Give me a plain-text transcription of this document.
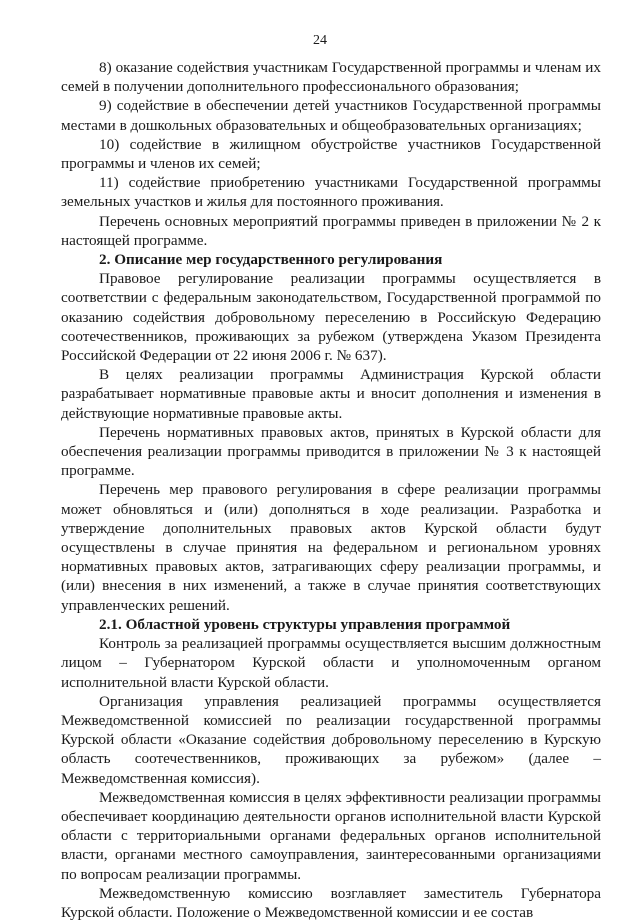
24

8) оказание содействия участникам Государственной программы и членам их семей в получении дополнительного профессионального образования;

9) содействие в обеспечении детей участников Государственной программы местами в дошкольных образовательных и общеобразовательных организациях;

10) содействие в жилищном обустройстве участников Государственной программы и членов их семей;

11) содействие приобретению участниками Государственной программы земельных участков и жилья для постоянного проживания.

Перечень основных мероприятий программы приведен в приложении № 2 к настоящей программе.

2. Описание мер государственного регулирования

Правовое регулирование реализации программы осуществляется в соответствии с федеральным законодательством, Государственной программой по оказанию содействия добровольному переселению в Российскую Федерацию соотечественников, проживающих за рубежом (утверждена Указом Президента Российской Федерации от 22 июня 2006 г. № 637).

В целях реализации программы Администрация Курской области разрабатывает нормативные правовые акты и вносит дополнения и изменения в действующие нормативные правовые акты.

Перечень нормативных правовых актов, принятых в Курской области для обеспечения реализации программы приводится в приложении № 3 к настоящей программе.

Перечень мер правового регулирования в сфере реализации программы может обновляться и (или) дополняться в ходе реализации. Разработка и утверждение дополнительных правовых актов Курской области будут осуществлены в случае принятия на федеральном и региональном уровнях нормативных правовых актов, затрагивающих сферу реализации программы, и (или) внесения в них изменений, а также в случае принятия соответствующих управленческих решений.

2.1. Областной уровень структуры управления программой

Контроль за реализацией программы осуществляется высшим должностным лицом – Губернатором Курской области и уполномоченным органом исполнительной власти Курской области.

Организация управления реализацией программы осуществляется Межведомственной комиссией по реализации государственной программы Курской области «Оказание содействия добровольному переселению в Курскую область соотечественников, проживающих за рубежом» (далее – Межведомственная комиссия).

Межведомственная комиссия в целях эффективности реализации программы обеспечивает координацию деятельности органов исполнительной власти Курской области с территориальными органами федеральных органов исполнительной власти, органами местного самоуправления, заинтересованными организациями по вопросам реализации программы.

Межведомственную комиссию возглавляет заместитель Губернатора Курской области. Положение о Межведомственной комиссии и ее состав
